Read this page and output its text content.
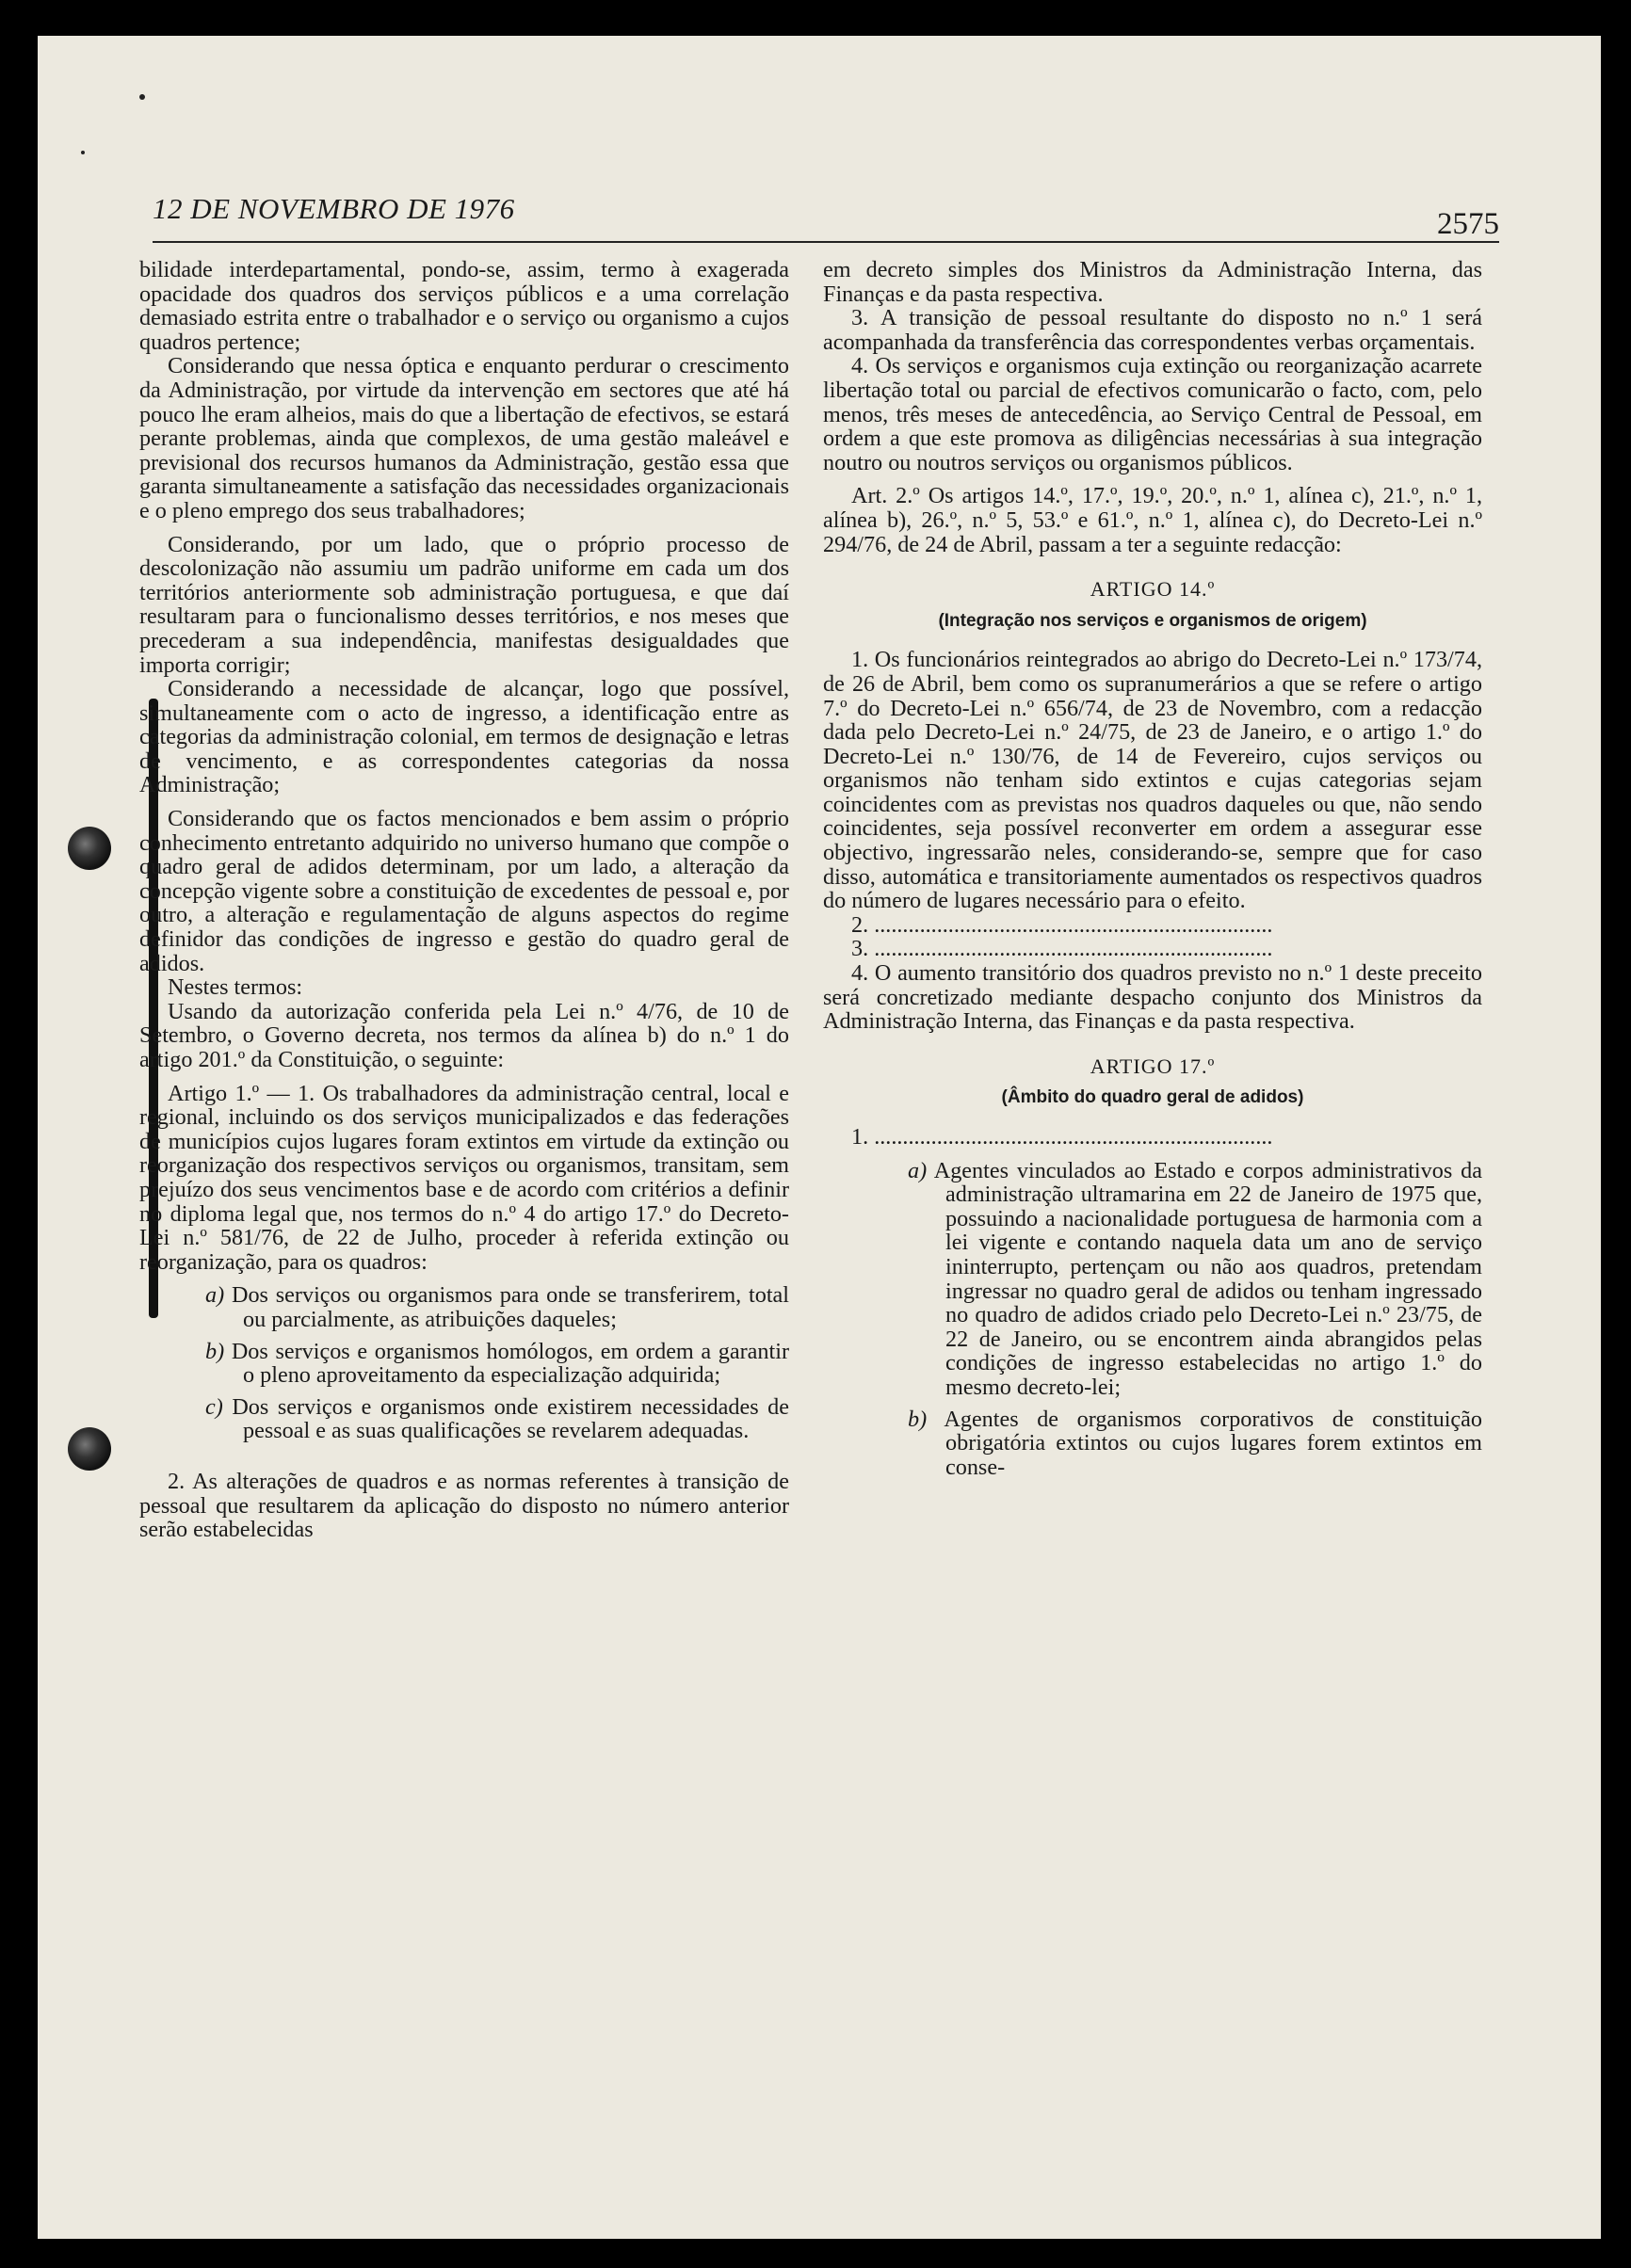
12 DE NOVEMBRO DE 1976	2575

bilidade interdepartamental, pondo-se, assim, termo à exagerada opacidade dos quadros dos serviços públicos e a uma correlação demasiado estrita entre o trabalhador e o serviço ou organismo a cujos quadros pertence;

Considerando que nessa óptica e enquanto perdurar o crescimento da Administração, por virtude da intervenção em sectores que até há pouco lhe eram alheios, mais do que a libertação de efectivos, se estará perante problemas, ainda que complexos, de uma gestão maleável e previsional dos recursos humanos da Administração, gestão essa que garanta simultaneamente a satisfação das necessidades organizacionais e o pleno emprego dos seus trabalhadores;

Considerando, por um lado, que o próprio processo de descolonização não assumiu um padrão uniforme em cada um dos territórios anteriormente sob administração portuguesa, e que daí resultaram para o funcionalismo desses territórios, e nos meses que precederam a sua independência, manifestas desigualdades que importa corrigir;

Considerando a necessidade de alcançar, logo que possível, simultaneamente com o acto de ingresso, a identificação entre as categorias da administração colonial, em termos de designação e letras de vencimento, e as correspondentes categorias da nossa Administração;

Considerando que os factos mencionados e bem assim o próprio conhecimento entretanto adquirido no universo humano que compõe o quadro geral de adidos determinam, por um lado, a alteração da concepção vigente sobre a constituição de excedentes de pessoal e, por outro, a alteração e regulamentação de alguns aspectos do regime definidor das condições de ingresso e gestão do quadro geral de adidos.

Nestes termos:

Usando da autorização conferida pela Lei n.º 4/76, de 10 de Setembro, o Governo decreta, nos termos da alínea b) do n.º 1 do artigo 201.º da Constituição, o seguinte:

Artigo 1.º — 1. Os trabalhadores da administração central, local e regional, incluindo os dos serviços municipalizados e das federações de municípios cujos lugares foram extintos em virtude da extinção ou reorganização dos respectivos serviços ou organismos, transitam, sem prejuízo dos seus vencimentos base e de acordo com critérios a definir no diploma legal que, nos termos do n.º 4 do artigo 17.º do Decreto-Lei n.º 581/76, de 22 de Julho, proceder à referida extinção ou reorganização, para os quadros:

a) Dos serviços ou organismos para onde se transferirem, total ou parcialmente, as atribuições daqueles;
b) Dos serviços e organismos homólogos, em ordem a garantir o pleno aproveitamento da especialização adquirida;
c) Dos serviços e organismos onde existirem necessidades de pessoal e as suas qualificações se revelarem adequadas.

2. As alterações de quadros e as normas referentes à transição de pessoal que resultarem da aplicação do disposto no número anterior serão estabelecidas

em decreto simples dos Ministros da Administração Interna, das Finanças e da pasta respectiva.

3. A transição de pessoal resultante do disposto no n.º 1 será acompanhada da transferência das correspondentes verbas orçamentais.

4. Os serviços e organismos cuja extinção ou reorganização acarrete libertação total ou parcial de efectivos comunicarão o facto, com, pelo menos, três meses de antecedência, ao Serviço Central de Pessoal, em ordem a que este promova as diligências necessárias à sua integração noutro ou noutros serviços ou organismos públicos.

Art. 2.º Os artigos 14.º, 17.º, 19.º, 20.º, n.º 1, alínea c), 21.º, n.º 1, alínea b), 26.º, n.º 5, 53.º e 61.º, n.º 1, alínea c), do Decreto-Lei n.º 294/76, de 24 de Abril, passam a ter a seguinte redacção:

ARTIGO 14.º
(Integração nos serviços e organismos de origem)

1. Os funcionários reintegrados ao abrigo do Decreto-Lei n.º 173/74, de 26 de Abril, bem como os supranumerários a que se refere o artigo 7.º do Decreto-Lei n.º 656/74, de 23 de Novembro, com a redacção dada pelo Decreto-Lei n.º 24/75, de 23 de Janeiro, e o artigo 1.º do Decreto-Lei n.º 130/76, de 14 de Fevereiro, cujos serviços ou organismos não tenham sido extintos e cujas categorias sejam coincidentes com as previstas nos quadros daqueles ou que, não sendo coincidentes, seja possível reconverter em ordem a assegurar esse objectivo, ingressarão neles, considerando-se, sempre que for caso disso, automática e transitoriamente aumentados os respectivos quadros do número de lugares necessário para o efeito.

2. ......................................................................

3. ......................................................................

4. O aumento transitório dos quadros previsto no n.º 1 deste preceito será concretizado mediante despacho conjunto dos Ministros da Administração Interna, das Finanças e da pasta respectiva.

ARTIGO 17.º
(Âmbito do quadro geral de adidos)

1. ......................................................................

a) Agentes vinculados ao Estado e corpos administrativos da administração ultramarina em 22 de Janeiro de 1975 que, possuindo a nacionalidade portuguesa de harmonia com a lei vigente e contando naquela data um ano de serviço ininterrupto, pertençam ou não aos quadros, pretendam ingressar no quadro geral de adidos ou tenham ingressado no quadro de adidos criado pelo Decreto-Lei n.º 23/75, de 22 de Janeiro, ou se encontrem ainda abrangidos pelas condições de ingresso estabelecidas no artigo 1.º do mesmo decreto-lei;
b) Agentes de organismos corporativos de constituição obrigatória extintos ou cujos lugares forem extintos em conse-
